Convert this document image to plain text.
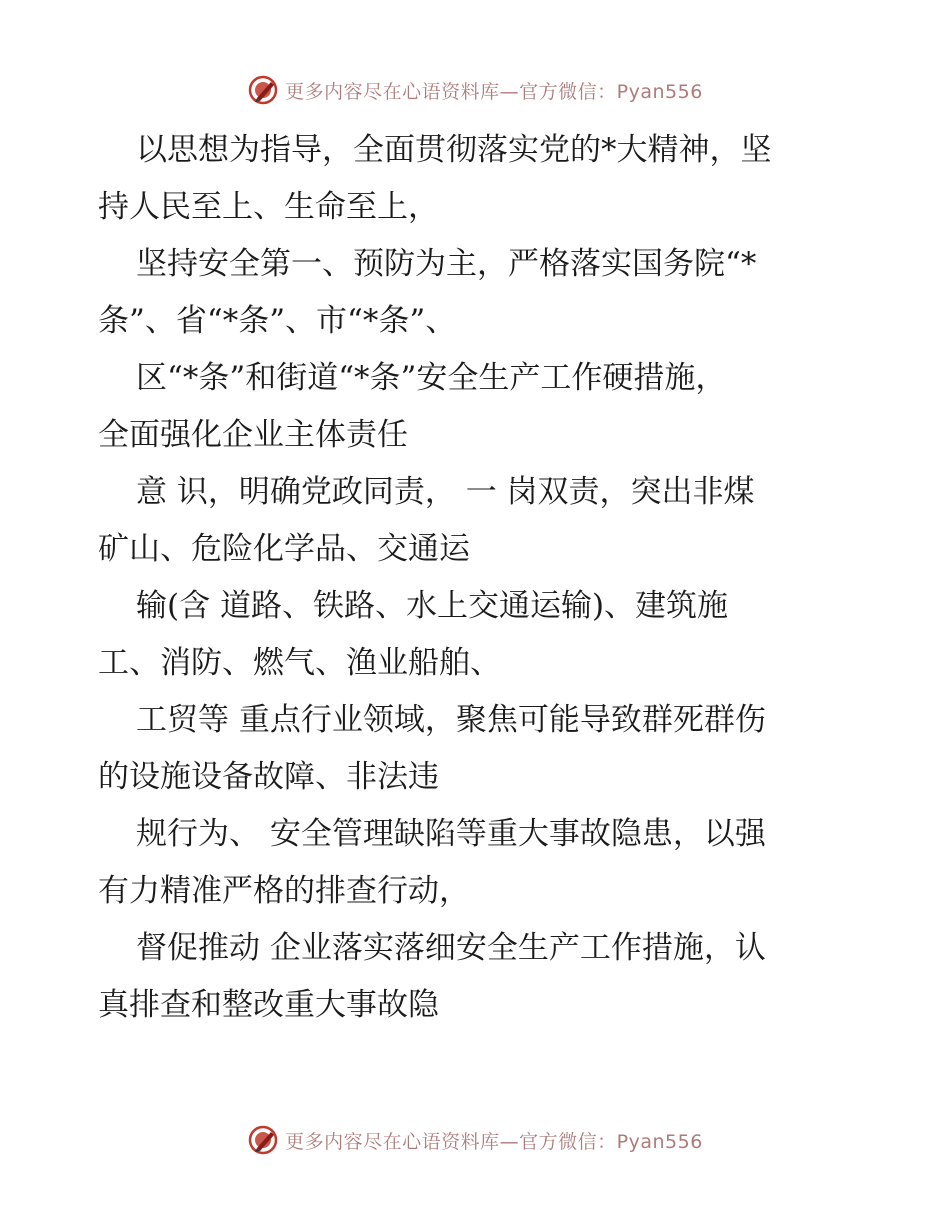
更多内容尽在心语资料库—官方微信：Pyan556

以思想为指导，全面贯彻落实党的*大精神，坚
持人民至上、生命至上，

坚持安全第一、预防为主，严格落实国务院“*
条”、省“*条”、市“*条”、

区“*条”和街道“*条”安全生产工作硬措施，
全面强化企业主体责任

意 识，明确党政同责， 一 岗双责，突出非煤
矿山、危险化学品、交通运

输(含 道路、铁路、水上交通运输)、建筑施
工、消防、燃气、渔业船舶、

工贸等 重点行业领域，聚焦可能导致群死群伤
的设施设备故障、非法违

规行为、 安全管理缺陷等重大事故隐患，以强
有力精准严格的排查行动，

督促推动 企业落实落细安全生产工作措施，认
真排查和整改重大事故隐

更多内容尽在心语资料库—官方微信：Pyan556
